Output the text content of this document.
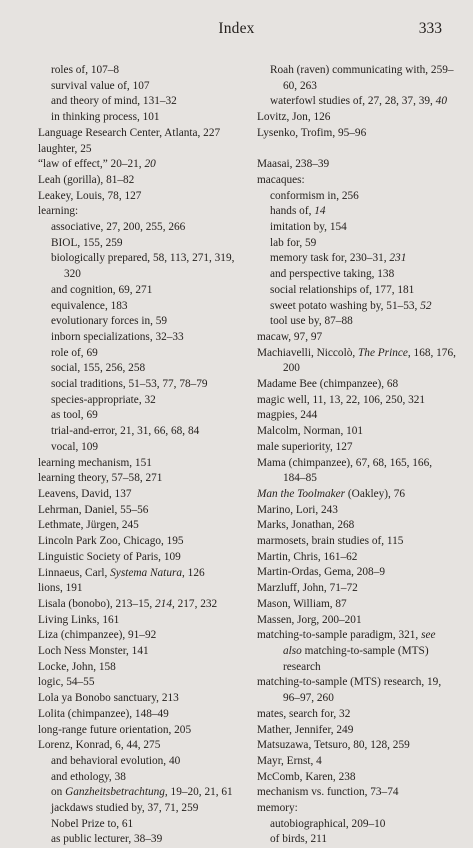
Index	333
roles of, 107–8
survival value of, 107
and theory of mind, 131–32
in thinking process, 101
Language Research Center, Atlanta, 227
laughter, 25
“law of effect,” 20–21, 20
Leah (gorilla), 81–82
Leakey, Louis, 78, 127
learning:
associative, 27, 200, 255, 266
BIOL, 155, 259
biologically prepared, 58, 113, 271, 319,
320
and cognition, 69, 271
equivalence, 183
evolutionary forces in, 59
inborn specializations, 32–33
role of, 69
social, 155, 256, 258
social traditions, 51–53, 77, 78–79
species-appropriate, 32
as tool, 69
trial-and-error, 21, 31, 66, 68, 84
vocal, 109
learning mechanism, 151
learning theory, 57–58, 271
Leavens, David, 137
Lehrman, Daniel, 55–56
Lethmate, Jürgen, 245
Lincoln Park Zoo, Chicago, 195
Linguistic Society of Paris, 109
Linnaeus, Carl, Systema Natura, 126
lions, 191
Lisala (bonobo), 213–15, 214, 217, 232
Living Links, 161
Liza (chimpanzee), 91–92
Loch Ness Monster, 141
Locke, John, 158
logic, 54–55
Lola ya Bonobo sanctuary, 213
Lolita (chimpanzee), 148–49
long-range future orientation, 205
Lorenz, Konrad, 6, 44, 275
and behavioral evolution, 40
and ethology, 38
on Ganzheitsbetrachtung, 19–20, 21, 61
jackdaws studied by, 37, 71, 259
Nobel Prize to, 61
as public lecturer, 38–39
Roah (raven) communicating with, 259–
60, 263
waterfowl studies of, 27, 28, 37, 39, 40
Lovitz, Jon, 126
Lysenko, Trofim, 95–96
Maasai, 238–39
macaques:
conformism in, 256
hands of, 14
imitation by, 154
lab for, 59
memory task for, 230–31, 231
and perspective taking, 138
social relationships of, 177, 181
sweet potato washing by, 51–53, 52
tool use by, 87–88
macaw, 97, 97
Machiavelli, Niccolò, The Prince, 168, 176,
200
Madame Bee (chimpanzee), 68
magic well, 11, 13, 22, 106, 250, 321
magpies, 244
Malcolm, Norman, 101
male superiority, 127
Mama (chimpanzee), 67, 68, 165, 166,
184–85
Man the Toolmaker (Oakley), 76
Marino, Lori, 243
Marks, Jonathan, 268
marmosets, brain studies of, 115
Martin, Chris, 161–62
Martin-Ordas, Gema, 208–9
Marzluff, John, 71–72
Mason, William, 87
Massen, Jorg, 200–201
matching-to-sample paradigm, 321, see
also matching-to-sample (MTS)
research
matching-to-sample (MTS) research, 19,
96–97, 260
mates, search for, 32
Mather, Jennifer, 249
Matsuzawa, Tetsuro, 80, 128, 259
Mayr, Ernst, 4
McComb, Karen, 238
mechanism vs. function, 73–74
memory:
autobiographical, 209–10
of birds, 211
